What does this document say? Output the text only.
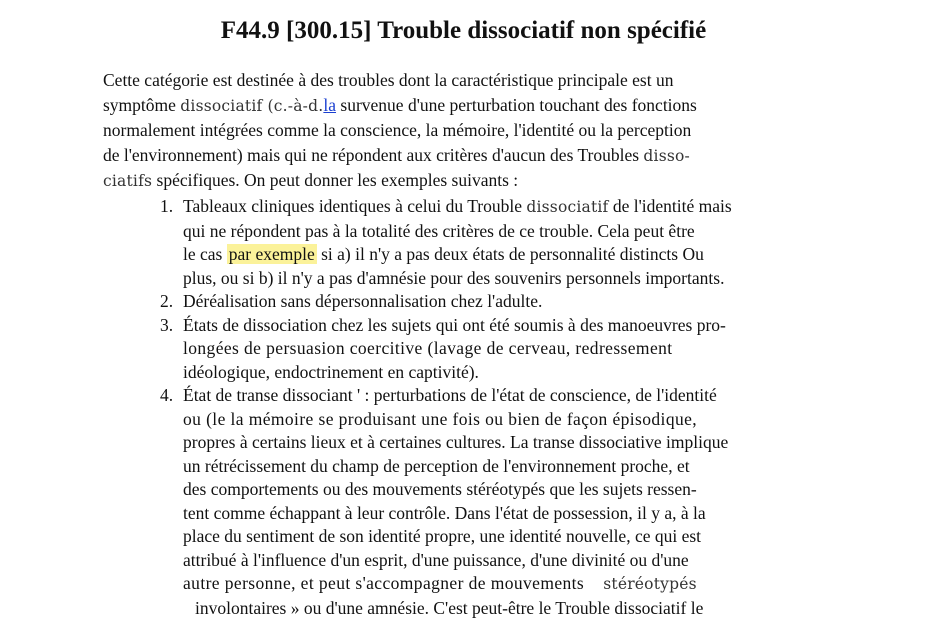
F44.9 [300.15] Trouble dissociatif non spécifié

Cette catégorie est destinée à des troubles dont la caractéristique principale est un
symptôme dissociatif (c.-à-d.la survenue d'une perturbation touchant des fonctions
normalement intégrées comme la conscience, la mémoire, l'identité ou la perception
de l'environnement) mais qui ne répondent aux critères d'aucun des Troubles disso-
ciatifs spécifiques. On peut donner les exemples suivants :

1. Tableaux cliniques identiques à celui du Trouble dissociatif de l'identité mais
qui ne répondent pas à la totalité des critères de ce trouble. Cela peut être
le cas par exemple si a) il n'y a pas deux états de personnalité distincts Ou
plus, ou si b) il n'y a pas d'amnésie pour des souvenirs personnels importants.
2. Déréalisation sans dépersonnalisation chez l'adulte.
3. États de dissociation chez les sujets qui ont été soumis à des manoeuvres pro-
longées de persuasion coercitive (lavage de cerveau, redressement
idéologique, endoctrinement en captivité).
4. État de transe dissociant ' : perturbations de l'état de conscience, de l'identité
ou (le la mémoire se produisant une fois ou bien de façon épisodique,
propres à certains lieux et à certaines cultures. La transe dissociative implique
un rétrécissement du champ de perception de l'environnement proche, et
des comportements ou des mouvements stéréotypés que les sujets ressen-
tent comme échappant à leur contrôle. Dans l'état de possession, il y a, à la
place du sentiment de son identité propre, une identité nouvelle, ce qui est
attribué à l'influence d'un esprit, d'une puissance, d'une divinité ou d'une
autre personne, et peut s'accompagner de mouvements    stéréotypés
involontaires » ou d'une amnésie. C'est peut-être le Trouble dissociatif le
